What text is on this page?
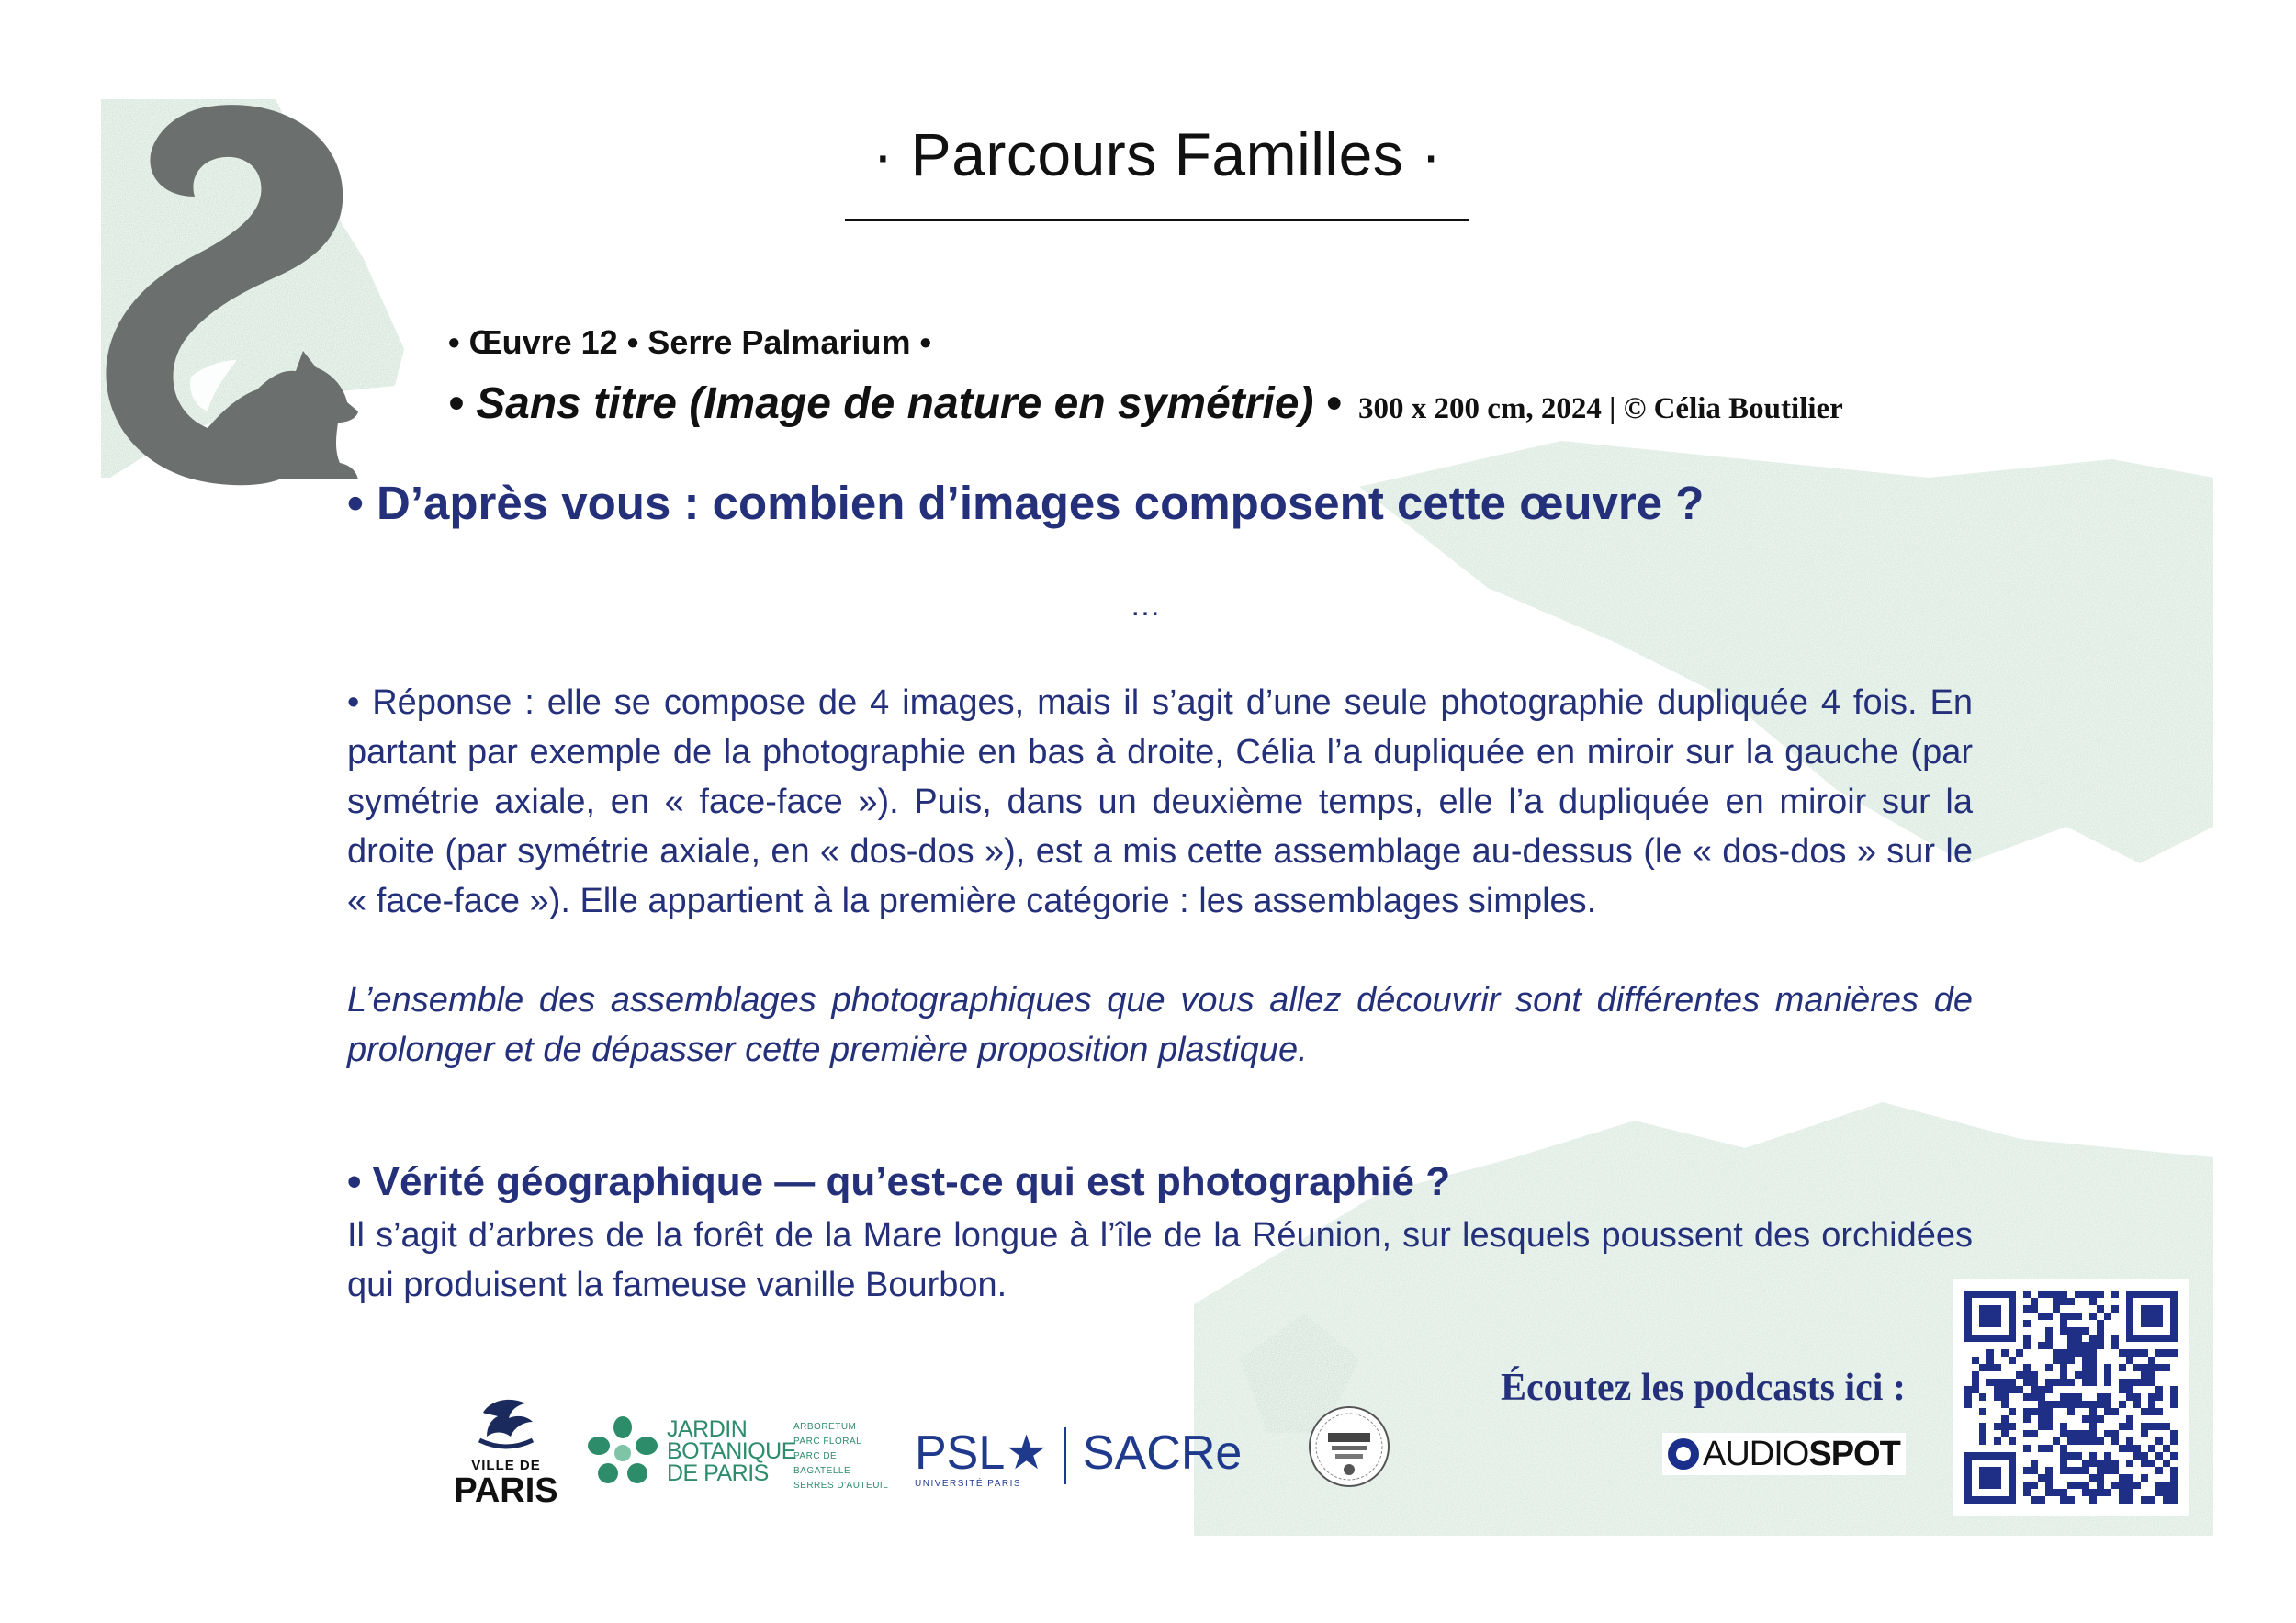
· Parcours Familles ·
• Œuvre 12 • Serre Palmarium •
• Sans titre (Image de nature en symétrie) • 300 x 200 cm, 2024 | © Célia Boutilier
• D’après vous : combien d’images composent cette œuvre ?
…

• Réponse : elle se compose de 4 images, mais il s’agit d’une seule photographie dupliquée 4 fois. En partant par exemple de la photographie en bas à droite, Célia l’a dupliquée en miroir sur la gauche (par symétrie axiale, en « face-face »). Puis, dans un deuxième temps, elle l’a dupliquée en miroir sur la droite (par symétrie axiale, en « dos-dos »), est a mis cette assemblage au-dessus (le « dos-dos » sur le « face-face »). Elle appartient à la première catégorie : les assemblages simples.

L’ensemble des assemblages photographiques que vous allez découvrir sont différentes manières de prolonger et de dépasser cette première proposition plastique.

• Vérité géographique — qu’est-ce qui est photographié ?
Il s’agit d’arbres de la forêt de la Mare longue à l’île de la Réunion, sur lesquels poussent des orchidées qui produisent la fameuse vanille Bourbon.
Écoutez les podcasts ici :
AUDIOSPOT
VILLE DE
PARIS
JARDIN
BOTANIQUE
DE PARIS
ARBORETUM
PARC FLORAL
PARC DE BAGATELLE
SERRES D'AUTEUIL
PSL★
UNIVERSITÉ PARIS
SACRe
